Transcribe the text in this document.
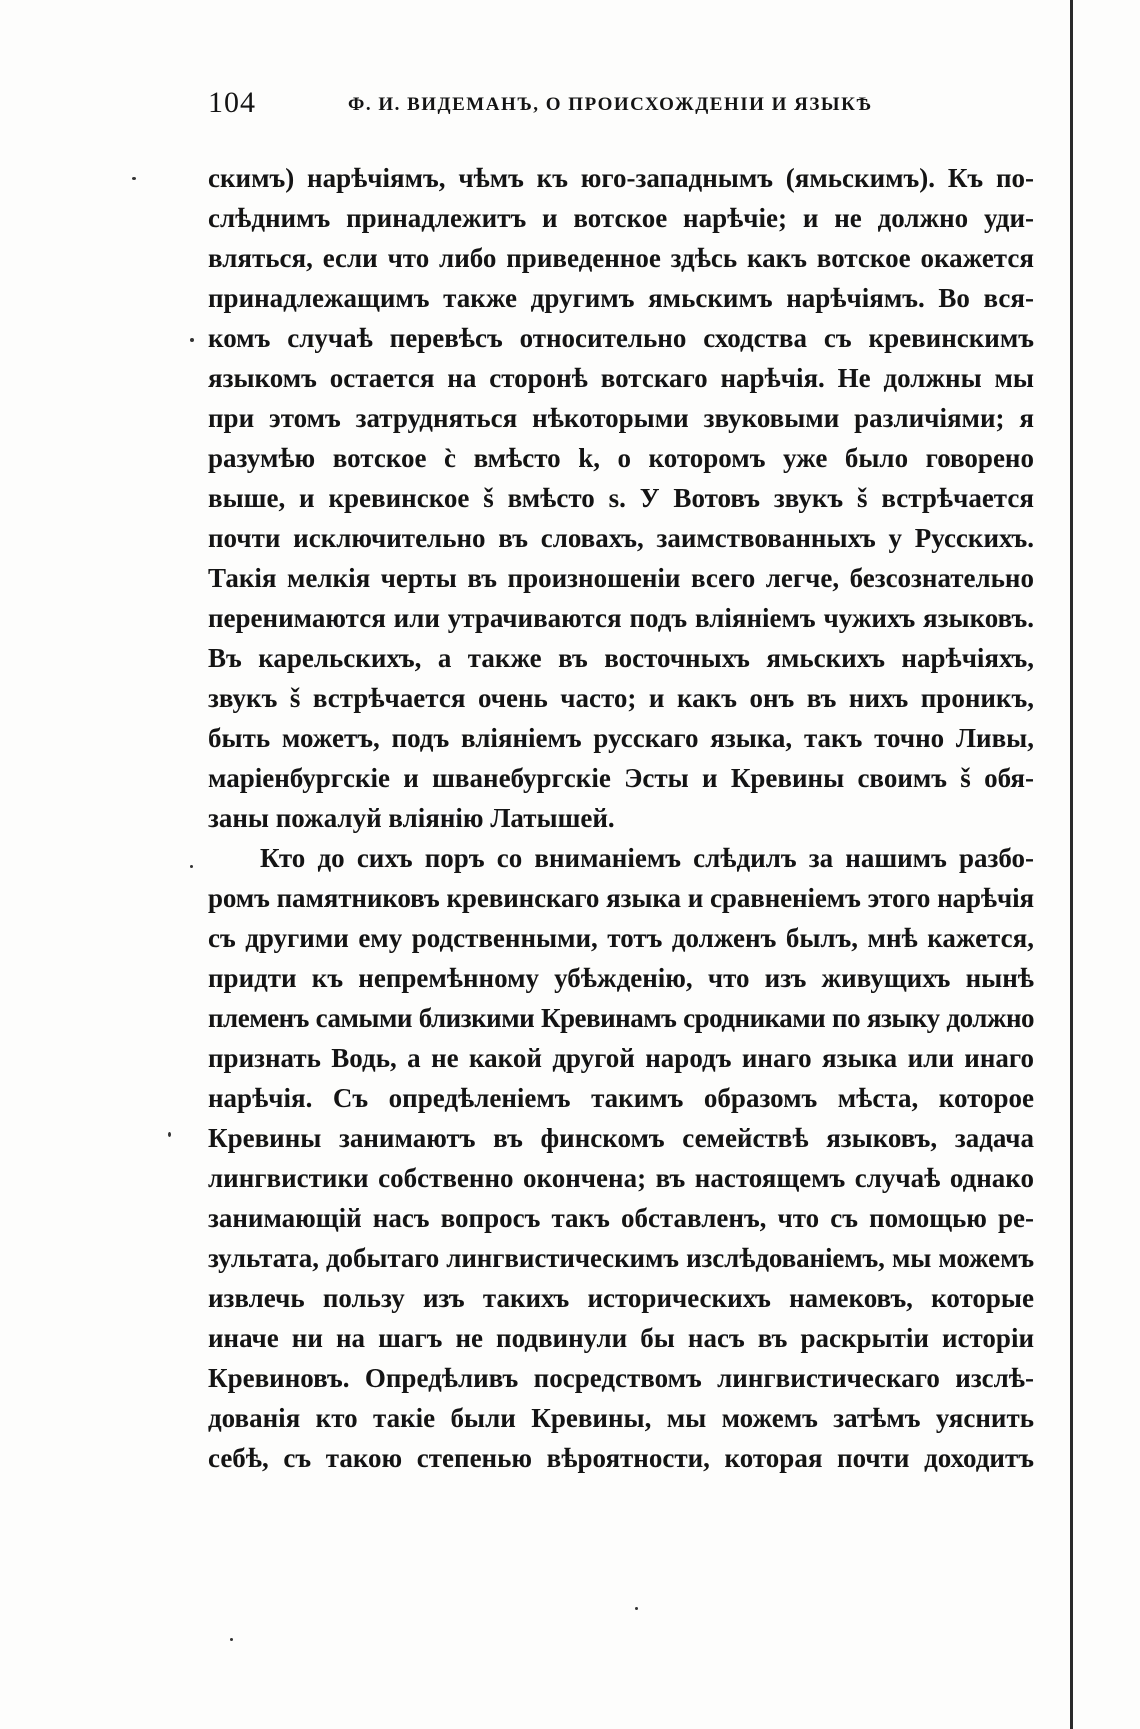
104	Ф. И. ВИДЕМАНЪ, О ПРОИСХОЖДЕНІИ И ЯЗЫКѢ
скимъ) нарѣчіямъ, чѣмъ къ юго-западнымъ (ямьскимъ). Къ по-
слѣднимъ принадлежитъ и вотское нарѣчіе; и не должно уди-
вляться, если что либо приведенное здѣсь какъ вотское окажется
принадлежащимъ также другимъ ямьскимъ нарѣчіямъ. Во вся-
комъ случаѣ перевѣсъ относительно сходства съ кревинскимъ
языкомъ остается на сторонѣ вотскаго нарѣчія. Не должны мы
при этомъ затрудняться нѣкоторыми звуковыми различіями; я
разумѣю вотское c̀ вмѣсто k, о которомъ уже было говорено
выше, и кревинское š вмѣсто s. У Вотовъ звукъ š встрѣчается
почти исключительно въ словахъ, заимствованныхъ у Русскихъ.
Такія мелкія черты въ произношеніи всего легче, безсознательно
перенимаются или утрачиваются подъ вліяніемъ чужихъ языковъ.
Въ карельскихъ, а также въ восточныхъ ямьскихъ нарѣчіяхъ,
звукъ š встрѣчается очень часто; и какъ онъ въ нихъ проникъ,
быть можетъ, подъ вліяніемъ русскаго языка, такъ точно Ливы,
маріенбургскіе и шванебургскіе Эсты и Кревины своимъ š обя-
заны пожалуй вліянію Латышей.
Кто до сихъ поръ со вниманіемъ слѣдилъ за нашимъ разбо-
ромъ памятниковъ кревинскаго языка и сравненіемъ этого нарѣчія
съ другими ему родственными, тотъ долженъ былъ, мнѣ кажется,
придти къ непремѣнному убѣжденію, что изъ живущихъ нынѣ
племенъ самыми близкими Кревинамъ сродниками по языку должно
признать Водь, а не какой другой народъ инаго языка или инаго
нарѣчія. Съ опредѣленіемъ такимъ образомъ мѣста, которое
Кревины занимаютъ въ финскомъ семействѣ языковъ, задача
лингвистики собственно окончена; въ настоящемъ случаѣ однако
занимающій насъ вопросъ такъ обставленъ, что съ помощью ре-
зультата, добытаго лингвистическимъ изслѣдованіемъ, мы можемъ
извлечь пользу изъ такихъ историческихъ намековъ, которые
иначе ни на шагъ не подвинули бы насъ въ раскрытіи исторіи
Кревиновъ. Опредѣливъ посредствомъ лингвистическаго изслѣ-
дованія кто такіе были Кревины, мы можемъ затѣмъ уяснить
себѣ, съ такою степенью вѣроятности, которая почти доходитъ
